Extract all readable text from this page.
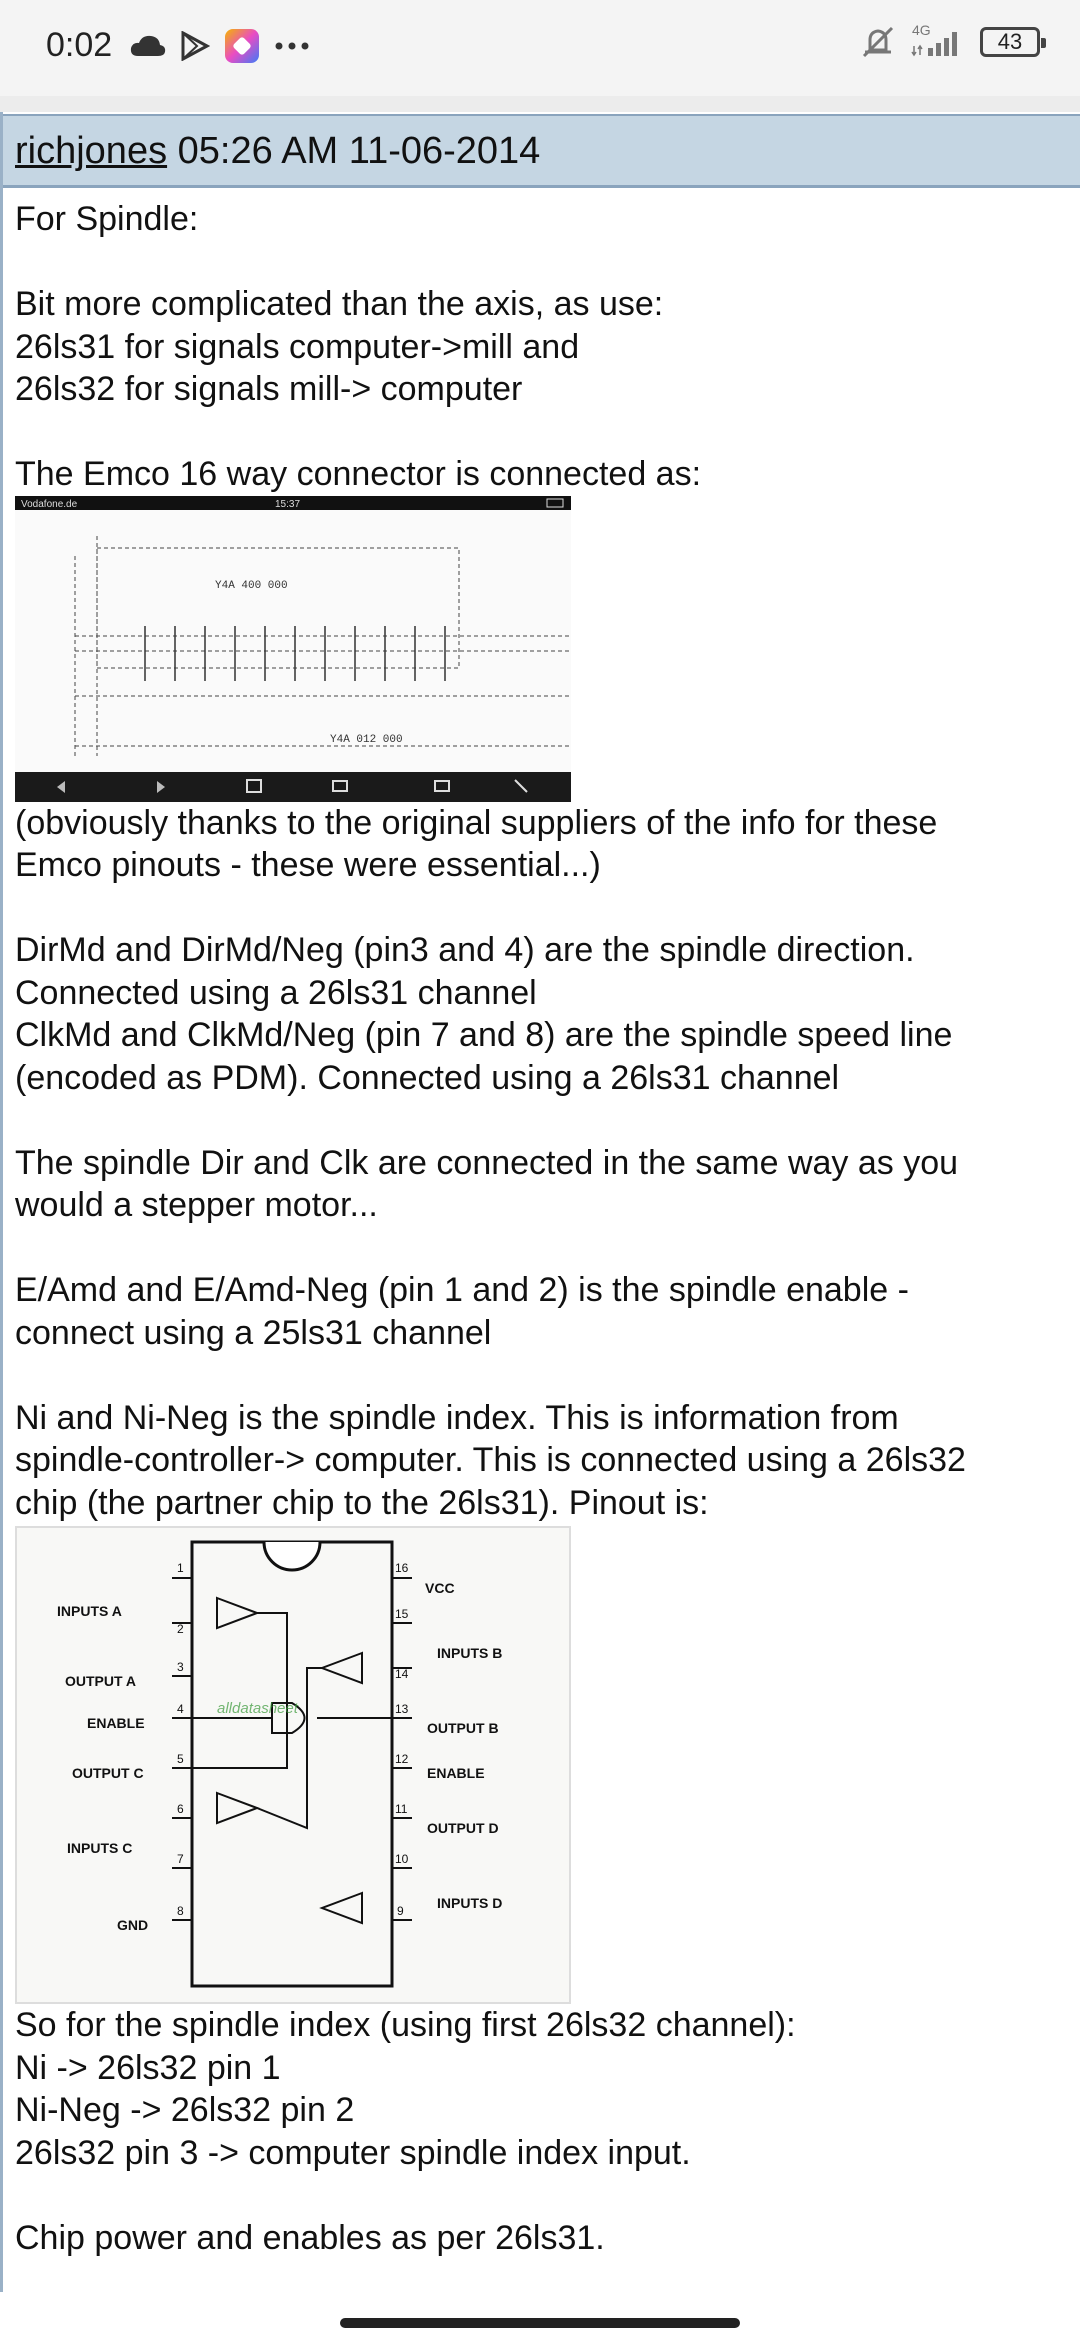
0:02	4G	43
richjones 05:26 AM 11-06-2014

For Spindle:

Bit more complicated than the axis, as use:

26ls31 for signals computer->mill and

26ls32 for signals mill-> computer

The Emco 16 way connector is connected as:

Vodafone.de	15:37
Y4A 400 000
Y4A 012 000

(obviously thanks to the original suppliers of the info for these

Emco pinouts - these were essential...)

DirMd and DirMd/Neg (pin3 and 4) are the spindle direction.

Connected using a 26ls31 channel

ClkMd and ClkMd/Neg (pin 7 and 8) are the spindle speed line

(encoded as PDM). Connected using a 26ls31 channel

The spindle Dir and Clk are connected in the same way as you

would a stepper motor...

E/Amd and E/Amd-Neg (pin 1 and 2) is the spindle enable -

connect using a 25ls31 channel

Ni and Ni-Neg is the spindle index. This is information from

spindle-controller-> computer. This is connected using a 26ls32

chip (the partner chip to the 26ls31). Pinout is:

INPUTS A
OUTPUT A
ENABLE
OUTPUT C
INPUTS C
GND
VCC
INPUTS B
OUTPUT B
ENABLE
OUTPUT D
INPUTS D
1
2
3
4
5
6
7
8	9
10
11
12
13
14
15
16
alldatasheet

So for the spindle index (using first 26ls32 channel):

Ni -> 26ls32 pin 1

Ni-Neg -> 26ls32 pin 2

26ls32 pin 3 -> computer spindle index input.

Chip power and enables as per 26ls31.
